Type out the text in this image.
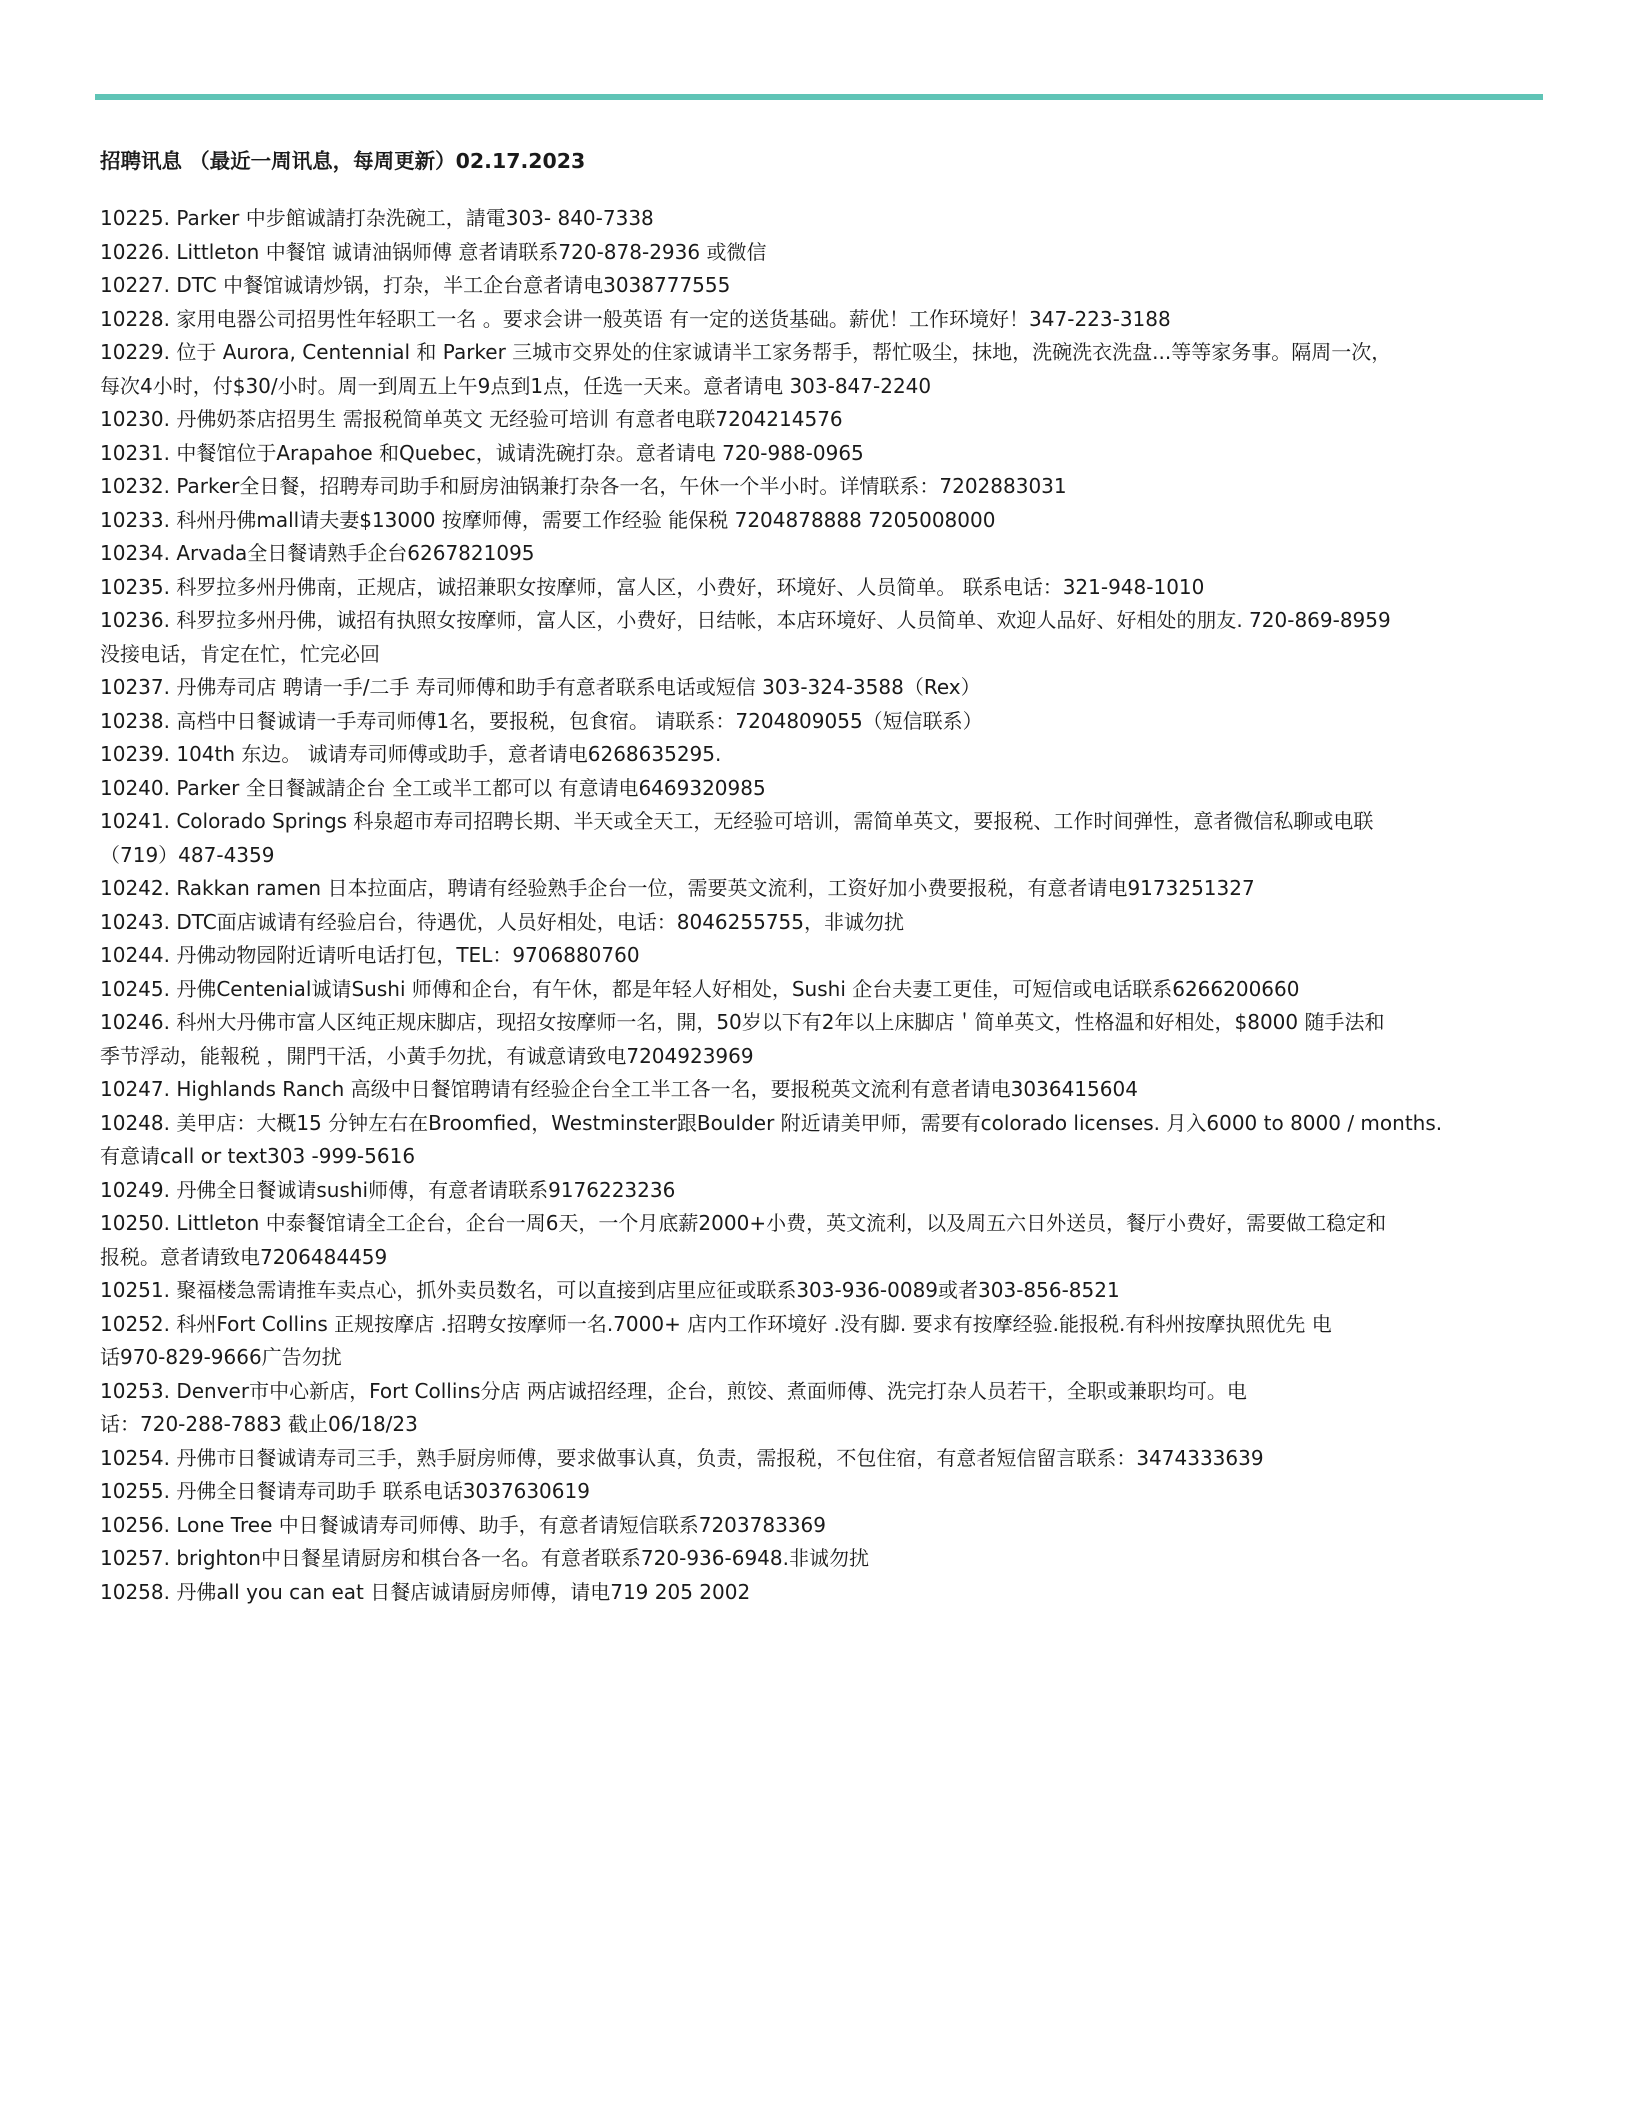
招聘讯息 （最近一周讯息，每周更新）02.17.2023
10225. Parker 中步館诚請打杂洗碗工，請電303- 840-7338
10226. Littleton 中餐馆 诚请油锅师傅 意者请联系720-878-2936 或微信
10227. DTC 中餐馆诚请炒锅，打杂，半工企台意者请电3038777555
10228. 家用电器公司招男性年轻职工一名 。要求会讲一般英语 有一定的送货基础。薪优！工作环境好！347-223-3188
10229. 位于 Aurora, Centennial 和 Parker 三城市交界处的住家诚请半工家务帮手，帮忙吸尘，抹地，洗碗洗衣洗盘...等等家务事。隔周一次，
每次4小时，付$30/小时。周一到周五上午9点到1点，任选一天来。意者请电 303-847-2240
10230. 丹佛奶茶店招男生 需报税简单英文 无经验可培训 有意者电联7204214576
10231. 中餐馆位于Arapahoe 和Quebec，诚请洗碗打杂。意者请电 720-988-0965
10232. Parker全日餐，招聘寿司助手和厨房油锅兼打杂各一名，午休一个半小时。详情联系：7202883031
10233. 科州丹佛mall请夫妻$13000 按摩师傅，需要工作经验 能保税 7204878888 7205008000
10234. Arvada全日餐请熟手企台6267821095
10235. 科罗拉多州丹佛南，正规店，诚招兼职女按摩师，富人区，小费好，环境好、人员简单。 联系电话：321-948-1010
10236. 科罗拉多州丹佛，诚招有执照女按摩师，富人区，小费好，日结帐，本店环境好、人员简单、欢迎人品好、好相处的朋友. 720-869-8959
没接电话，肯定在忙，忙完必回
10237. 丹佛寿司店 聘请一手/二手 寿司师傅和助手有意者联系电话或短信 303-324-3588（Rex）
10238. 高档中日餐诚请一手寿司师傅1名，要报税，包食宿。 请联系：7204809055（短信联系）
10239. 104th 东边。 诚请寿司师傅或助手，意者请电6268635295.
10240. Parker 全日餐誠請企台 全工或半工都可以 有意请电6469320985
10241. Colorado Springs 科泉超市寿司招聘长期、半天或全天工，无经验可培训，需简单英文，要报税、工作时间弹性，意者微信私聊或电联
（719）487-4359
10242. Rakkan ramen 日本拉面店，聘请有经验熟手企台一位，需要英文流利，工资好加小费要报税，有意者请电9173251327
10243. DTC面店诚请有经验启台，待遇优，人员好相处，电话：8046255755，非诚勿扰
10244. 丹佛动物园附近请听电话打包，TEL：9706880760
10245. 丹佛Centenial诚请Sushi 师傅和企台，有午休，都是年轻人好相处，Sushi 企台夫妻工更佳，可短信或电话联系6266200660
10246. 科州大丹佛市富人区纯正规床脚店，现招女按摩师一名，開，50岁以下有2年以上床脚店＇简单英文，性格温和好相处，$8000 随手法和
季节浮动，能報税 ，開門干活，小黃手勿扰，有诚意请致电7204923969
10247. Highlands Ranch 高级中日餐馆聘请有经验企台全工半工各一名，要报税英文流利有意者请电3036415604
10248. 美甲店：大概15 分钟左右在Broomfied，Westminster跟Boulder 附近请美甲师，需要有colorado licenses. 月入6000 to 8000 / months.
有意请call or text303 -999-5616
10249. 丹佛全日餐诚请sushi师傅，有意者请联系9176223236
10250. Littleton 中泰餐馆请全工企台，企台一周6天，一个月底薪2000+小费，英文流利，以及周五六日外送员，餐厅小费好，需要做工稳定和
报税。意者请致电7206484459
10251. 聚福楼急需请推车卖点心，抓外卖员数名，可以直接到店里应征或联系303-936-0089或者303-856-8521
10252. 科州Fort Collins 正规按摩店 .招聘女按摩师一名.7000+ 店内工作环境好 .没有脚. 要求有按摩经验.能报税.有科州按摩执照优先 电
话970-829-9666广告勿扰
10253. Denver市中心新店，Fort Collins分店 两店诚招经理，企台，煎饺、煮面师傅、洗完打杂人员若干，全职或兼职均可。电
话：720-288-7883 截止06/18/23
10254. 丹佛市日餐诚请寿司三手，熟手厨房师傅，要求做事认真，负责，需报税，不包住宿，有意者短信留言联系：3474333639
10255. 丹佛全日餐请寿司助手 联系电话3037630619
10256. Lone Tree 中日餐诚请寿司师傅、助手，有意者请短信联系7203783369
10257. brighton中日餐星请厨房和棋台各一名。有意者联系720-936-6948.非诚勿扰
10258. 丹佛all you can eat 日餐店诚请厨房师傅，请电719 205 2002
